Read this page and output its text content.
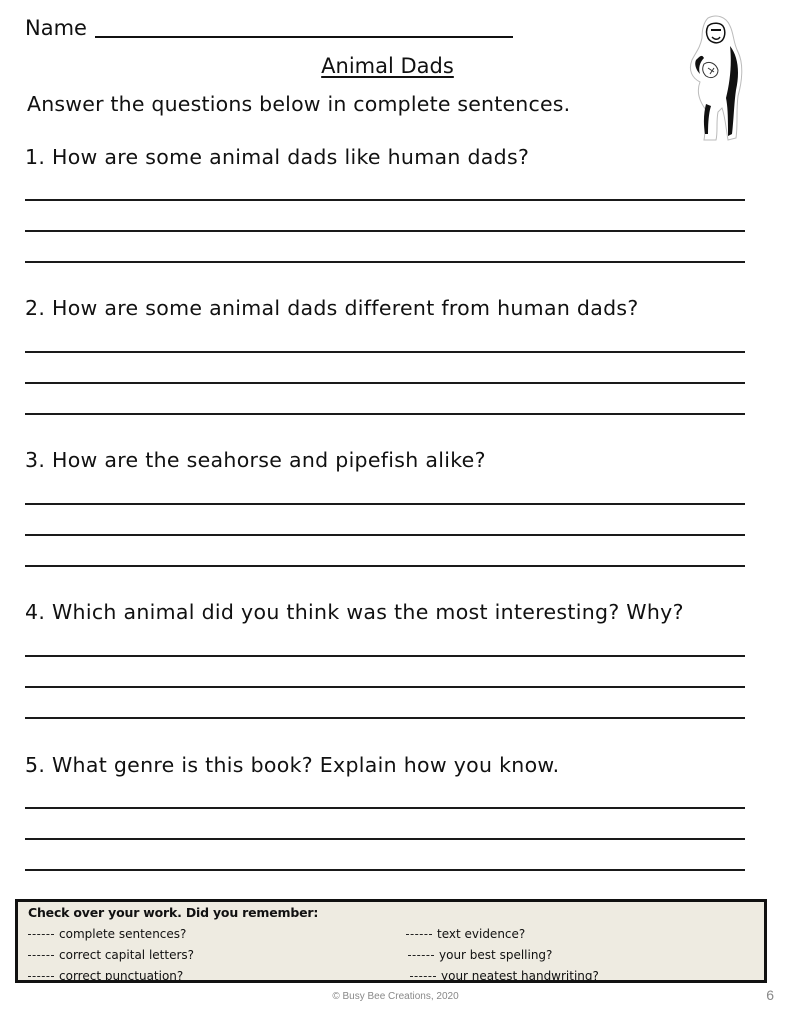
Name
Animal Dads
Answer the questions below in complete sentences.
1. How are some animal dads like human dads?
2. How are some animal dads different from human dads?
3. How are the seahorse and pipefish alike?
4. Which animal did you think was the most interesting? Why?
5. What genre is this book? Explain how you know.
Check over your work. Did you remember:
complete sentences?
correct capital letters?
correct punctuation?
text evidence?
your best spelling?
your neatest handwriting?
© Busy Bee Creations, 2020	6
